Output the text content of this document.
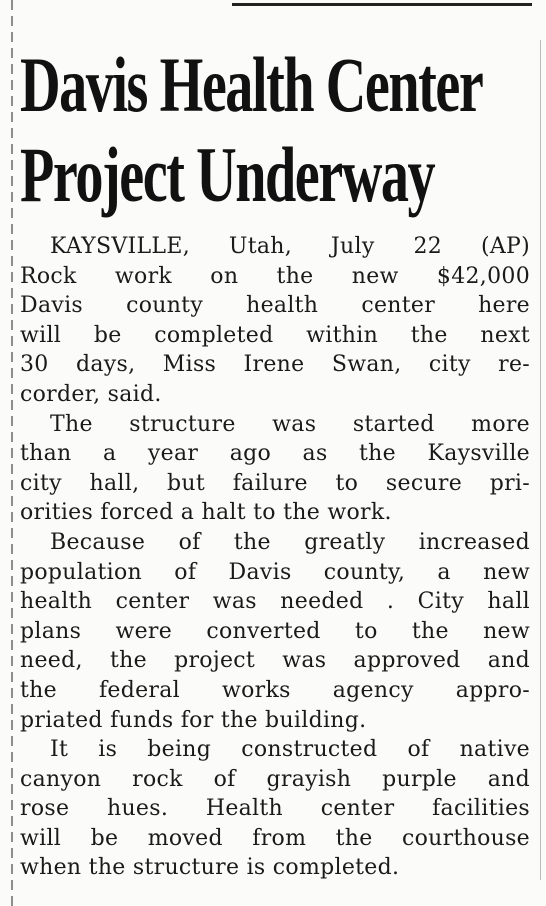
Davis Health Center
Project Underway
KAYSVILLE, Utah, July 22 (AP)
Rock work on the new $42,000
Davis county health center here
will be completed within the next
30 days, Miss Irene Swan, city re-
corder, said.
The structure was started more
than a year ago as the Kaysville
city hall, but failure to secure pri-
orities forced a halt to the work.
Because of the greatly increased
population of Davis county, a new
health center was needed . City hall
plans were converted to the new
need, the project was approved and
the federal works agency appro-
priated funds for the building.
It is being constructed of native
canyon rock of grayish purple and
rose hues. Health center facilities
will be moved from the courthouse
when the structure is completed.
